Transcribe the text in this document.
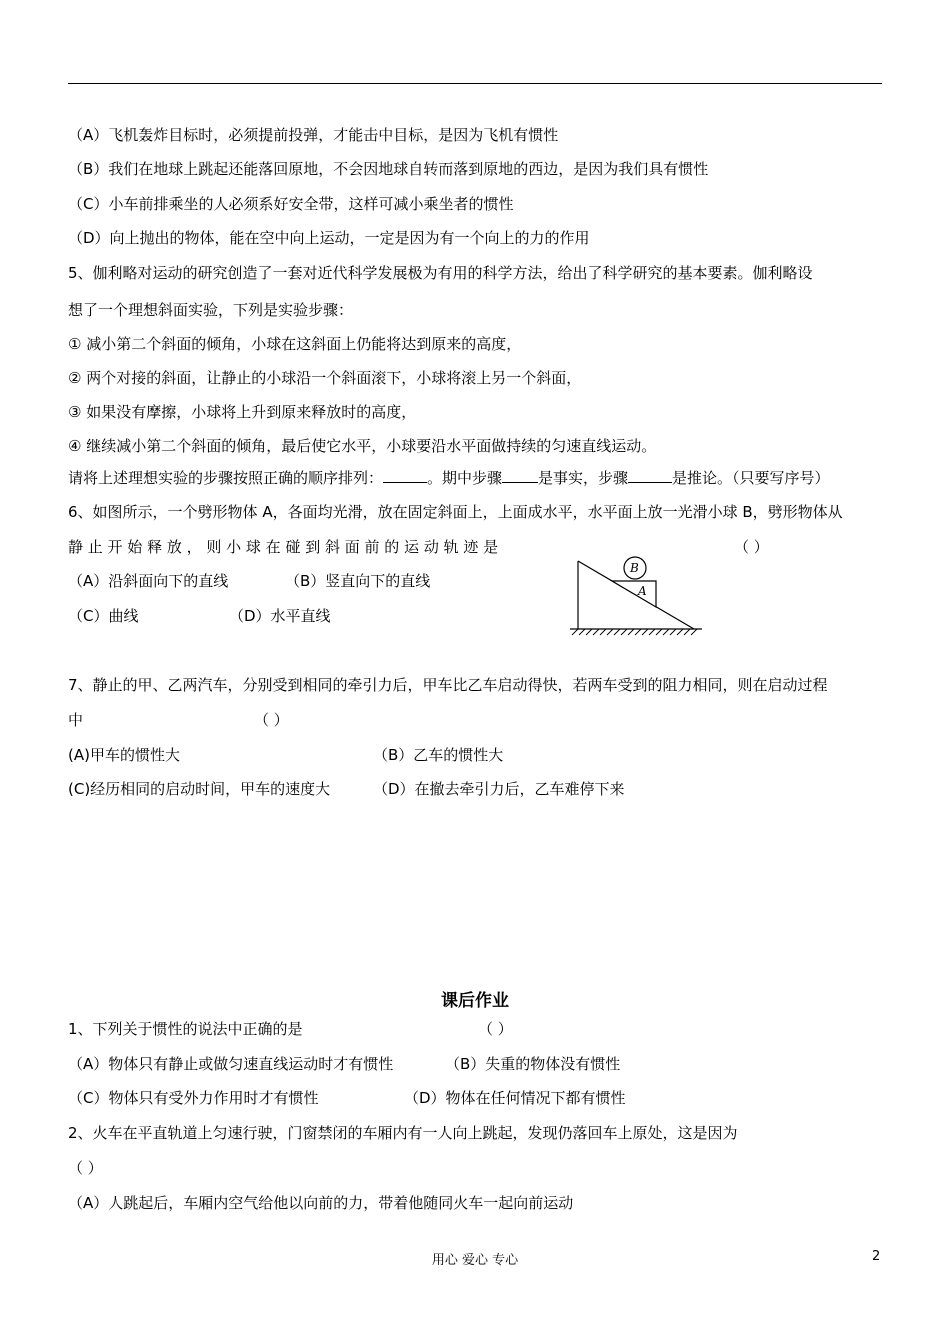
（A）飞机轰炸目标时，必须提前投弹，才能击中目标，是因为飞机有惯性
（B）我们在地球上跳起还能落回原地，不会因地球自转而落到原地的西边，是因为我们具有惯性
（C）小车前排乘坐的人必须系好安全带，这样可减小乘坐者的惯性
（D）向上抛出的物体，能在空中向上运动，一定是因为有一个向上的力的作用
5、伽利略对运动的研究创造了一套对近代科学发展极为有用的科学方法，给出了科学研究的基本要素。伽利略设
想了一个理想斜面实验，下列是实验步骤：
① 减小第二个斜面的倾角，小球在这斜面上仍能将达到原来的高度，
② 两个对接的斜面，让静止的小球沿一个斜面滚下，小球将滚上另一个斜面，
③ 如果没有摩擦，小球将上升到原来释放时的高度，
④ 继续减小第二个斜面的倾角，最后使它水平，小球要沿水平面做持续的匀速直线运动。
请将上述理想实验的步骤按照正确的顺序排列：	。期中步骤 是事实，步骤	是推论。（只要写序号）
6、如图所示，一个劈形物体 A，各面均光滑，放在固定斜面上，上面成水平，水平面上放一光滑小球 B，劈形物体从
静 止 开 始 释 放 ， 则 小 球 在 碰 到 斜 面 前 的 运 动 轨 迹 是	（ ）
（A）沿斜面向下的直线	（B）竖直向下的直线
（C）曲线	（D）水平直线
A
B
7、静止的甲、乙两汽车，分别受到相同的牵引力后，甲车比乙车启动得快，若两车受到的阻力相同，则在启动过程
中	（ ）
(A)甲车的惯性大	（B）乙车的惯性大
(C)经历相同的启动时间，甲车的速度大	（D）在撤去牵引力后，乙车难停下来
课后作业
1、下列关于惯性的说法中正确的是	（ ）
（A）物体只有静止或做匀速直线运动时才有惯性	（B）失重的物体没有惯性
（C）物体只有受外力作用时才有惯性	（D）物体在任何情况下都有惯性
2、火车在平直轨道上匀速行驶，门窗禁闭的车厢内有一人向上跳起，发现仍落回车上原处，这是因为
（ ）
（A）人跳起后，车厢内空气给他以向前的力，带着他随同火车一起向前运动
用心 爱心 专心	2
